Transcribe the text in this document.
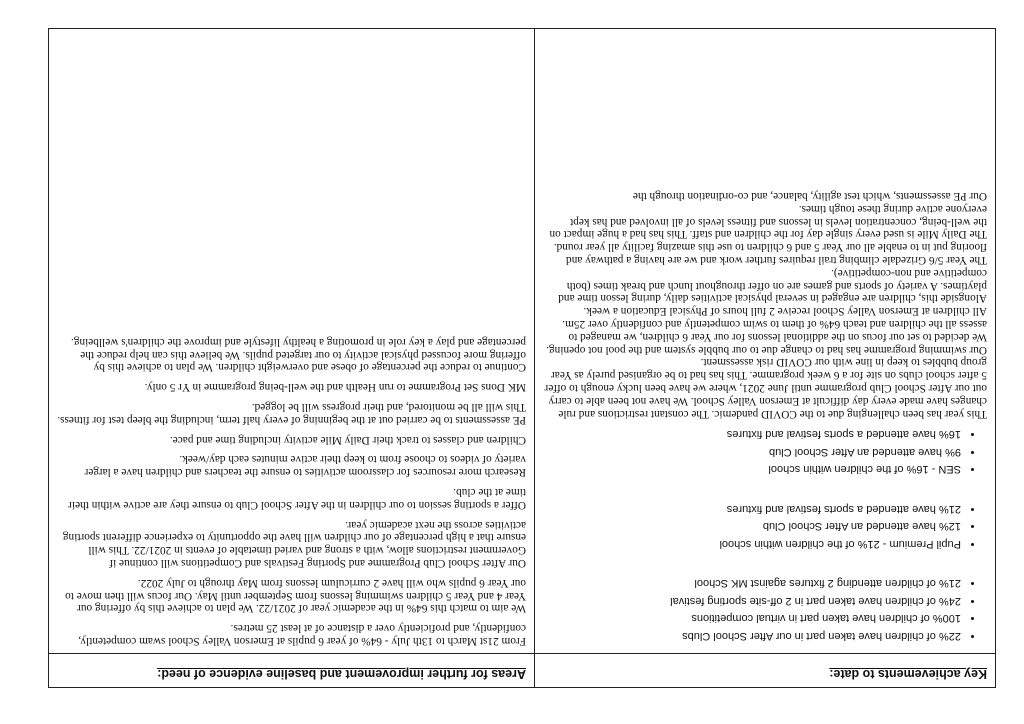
Key achievements to date:
Areas for further improvement and baseline evidence of need:
• 22% of children have taken part in our After School Clubs
• 100% of children have taken part in virtual competitions
• 24% of children have taken part in 2 off-site sporting festival
• 21% of children attending 2 fixtures against MK School
• Pupil Premium - 21% of the children within school
• 12% have attended an After School Club
• 21% have attended a sports festival and fixtures
• SEN - 16% of the children within school
• 9% have attended an After School Club
• 16% have attended a sports festival and fixtures

This year has been challenging due to the COVID pandemic. The constant restrictions and rule changes have made every day difficult at Emerson Valley School. We have not been able to carry out our After School Club programme until June 2021, where we have been lucky enough to offer 5 after school clubs on site for a 6 week programme. This has had to be organised purely as Year group bubbles to keep in line with our COVID risk assessment.

Our swimming programme has had to change due to our bubble system and the pool not opening. We decided to set our focus on the additional lessons for our Year 6 children, we managed to assess all the children and teach 64% of them to swim competently and confidently over 25m.

All children at Emerson Valley School receive 2 full hours of Physical Education a week. Alongside this, children are engaged in several physical activities daily, during lesson time and playtimes. A variety of sports and games are on offer throughout lunch and break times (both competitive and non-competitive).

The Year 5/6 Grizedale climbing trail requires further work and we are having a pathway and flooring put in to enable all our Year 5 and 6 children to use this amazing facility all year round.

The Daily Mile is used every single day for the children and staff. This has had a huge impact on the well-being, concentration levels in lessons and fitness levels of all involved and has kept everyone active during these tough times.

Our PE assessments, which test agility, balance, and co-ordination through the

From 21st March to 13th July - 64% of year 6 pupils at Emerson Valley School swam competently, confidently, and proficiently over a distance of at least 25 metres.

We aim to match this 64% in the academic year of 2021/22. We plan to achieve this by offering our Year 4 and Year 5 children swimming lessons from September until May. Our focus will then move to our Year 6 pupils who will have 2 curriculum lessons from May through to July 2022.

Our After School Club Programme and Sporting Festivals and Competitions will continue if Government restrictions allow, with a strong and varied timetable of events in 2021/22. This will ensure that a high percentage of our children will have the opportunity to experience different sporting activities across the next academic year.

Offer a sporting session to our children in the After School Club to ensure they are active within their time at the club.

Research more resources for classroom activities to ensure the teachers and children have a larger variety of videos to choose from to keep their active minutes each day/week.

Children and classes to track their Daily Mile activity including time and pace.

PE assessments to be carried out at the beginning of every half term, including the bleep test for fitness. This will all be monitored, and their progress will be logged.

MK Dons Set Programme to run Health and the well-being programme in Yr 5 only.

Continue to reduce the percentage of obese and overweight children. We plan to achieve this by offering more focussed physical activity to our targeted pupils. We believe this can help reduce the percentage and play a key role in promoting a healthy lifestyle and improve the children's wellbeing.
